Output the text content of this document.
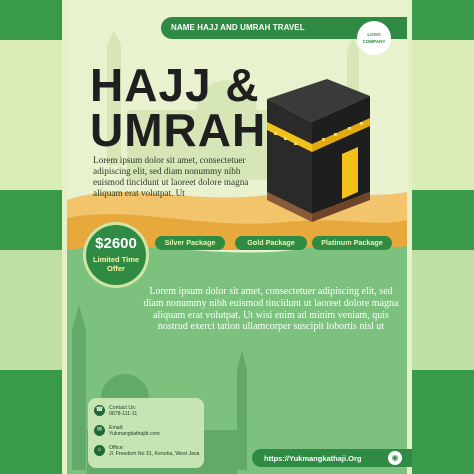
NAME HAJJ AND UMRAH TRAVEL
LOGO
COMPANY
HAJJ &
UMRAH
Lorem ipsum dolor sit amet, consectetuer adipiscing elit, sed diam nonummy nibh euismod tincidunt ut laoreet dolore magna aliquam erat volutpat. Ut
$2600
Limited Time
Offer
Silver Package	Gold Package	Platinum Package
Lorem ipsum dolor sit amet, consectetuer adipiscing elit, sed diam nonummy nibh euismod tincidunt ut laoreet dolore magna aliquam erat volutpat. Ut wisi enim ad minim veniam, quis nostrud exerci tation ullamcorper suscipit lobortis nisl ut
☎	Contact Us:
0878-111-11
✉	Email:
Yukmangkathajib.com
⌂	Office:
Jl. Freedom No 31, Kenoha, West Java	https://Yukmangkathaji.Org	◉
